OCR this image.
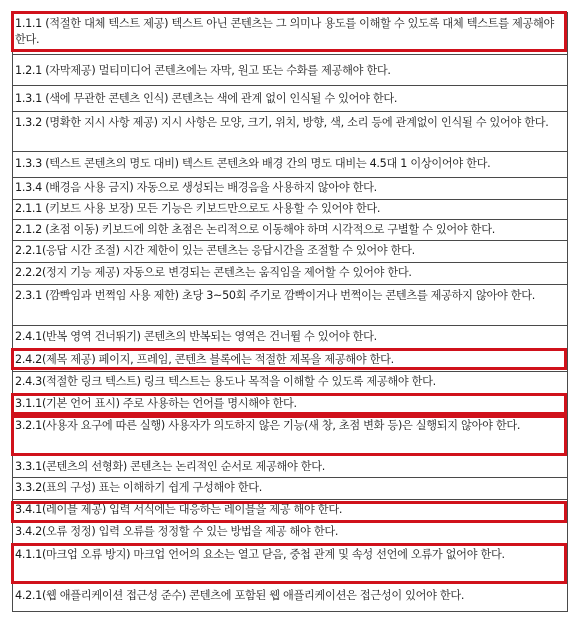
1.1.1 (적절한 대체 텍스트 제공) 텍스트 아닌 콘텐츠는 그 의미나 용도를 이해할 수 있도록 대체 텍스트를 제공해야 한다.
1.2.1 (자막제공) 멀티미디어 콘텐츠에는 자막, 원고 또는 수화를 제공해야 한다.
1.3.1 (색에 무관한 콘텐츠 인식) 콘텐츠는 색에 관계 없이 인식될 수 있어야 한다.
1.3.2 (명확한 지시 사항 제공) 지시 사항은 모양, 크기, 위치, 방향, 색, 소리 등에 관계없이 인식될 수 있어야 한다.
1.3.3 (텍스트 콘텐츠의 명도 대비) 텍스트 콘텐츠와 배경 간의 명도 대비는 4.5대 1 이상이어야 한다.
1.3.4 (배경음 사용 금지) 자동으로 생성되는 배경음을 사용하지 않아야 한다.
2.1.1 (키보드 사용 보장) 모든 기능은 키보드만으로도 사용할 수 있어야 한다.
2.1.2 (초점 이동) 키보드에 의한 초점은 논리적으로 이동해야 하며 시각적으로 구별할 수 있어야 한다.
2.2.1(응답 시간 조절) 시간 제한이 있는 콘텐츠는 응답시간을 조절할 수 있어야 한다.
2.2.2(정지 기능 제공) 자동으로 변경되는 콘텐츠는 움직임을 제어할 수 있어야 한다.
2.3.1 (깜빡임과 번쩍임 사용 제한) 초당 3~50회 주기로 깜빡이거나 번쩍이는 콘텐츠를 제공하지 않아야 한다.
2.4.1(반복 영역 건너뛰기) 콘텐츠의 반복되는 영역은 건너뛸 수 있어야 한다.
2.4.2(제목 제공) 페이지, 프레임, 콘텐츠 블록에는 적절한 제목을 제공해야 한다.
2.4.3(적절한 링크 텍스트) 링크 텍스트는 용도나 목적을 이해할 수 있도록 제공해야 한다.
3.1.1(기본 언어 표시) 주로 사용하는 언어를 명시해야 한다.
3.2.1(사용자 요구에 따른 실행) 사용자가 의도하지 않은 기능(새 창, 초점 변화 등)은 실행되지 않아야 한다.
3.3.1(콘텐츠의 선형화) 콘텐츠는 논리적인 순서로 제공해야 한다.
3.3.2(표의 구성) 표는 이해하기 쉽게 구성해야 한다.
3.4.1(레이블 제공) 입력 서식에는 대응하는 레이블을 제공 해야 한다.
3.4.2(오류 정정) 입력 오류를 정정할 수 있는 방법을 제공 해야 한다.
4.1.1(마크업 오류 방지) 마크업 언어의 요소는 열고 닫음, 중첩 관계 및 속성 선언에 오류가 없어야 한다.
4.2.1(웹 애플리케이션 접근성 준수) 콘텐츠에 포함된 웹 애플리케이션은 접근성이 있어야 한다.
